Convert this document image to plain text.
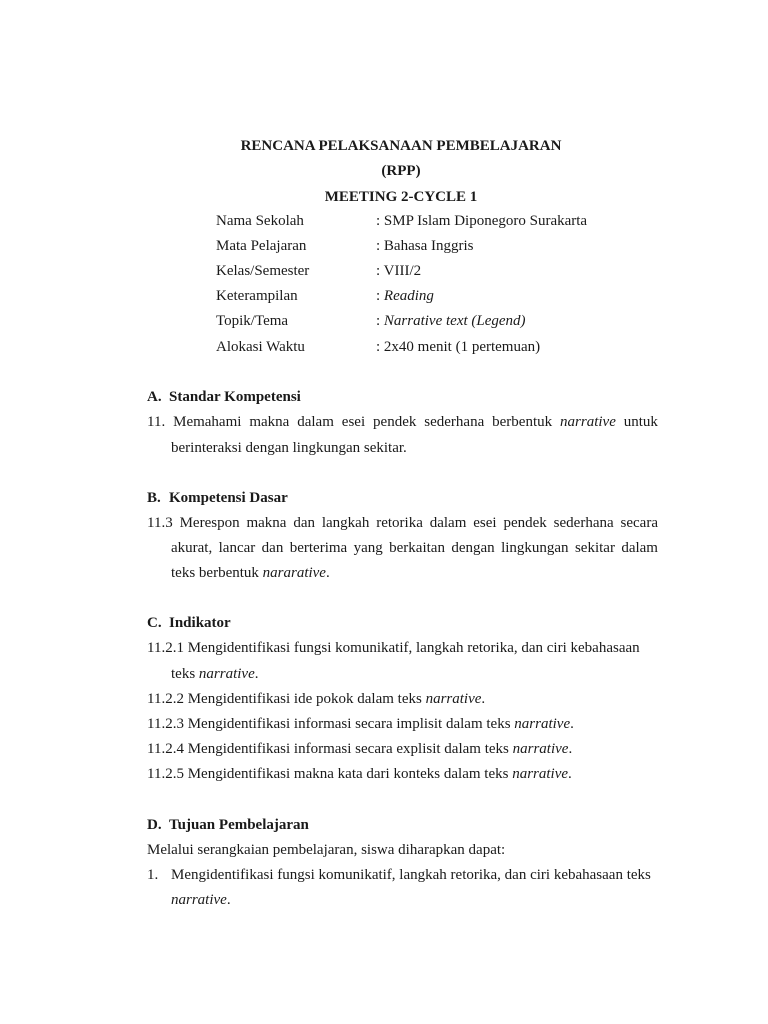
RENCANA PELAKSANAAN PEMBELAJARAN
(RPP)
MEETING 2-CYCLE 1
Nama Sekolah	: SMP Islam Diponegoro Surakarta
Mata Pelajaran	: Bahasa Inggris
Kelas/Semester	: VIII/2
Keterampilan	: Reading
Topik/Tema	: Narrative text (Legend)
Alokasi Waktu	: 2x40 menit (1 pertemuan)
A. Standar Kompetensi
11. Memahami makna dalam esei pendek sederhana berbentuk narrative untuk
berinteraksi dengan lingkungan sekitar.
B. Kompetensi Dasar
11.3 Merespon makna dan langkah retorika dalam esei pendek sederhana secara
akurat, lancar dan berterima yang berkaitan dengan lingkungan sekitar dalam
teks berbentuk nararative.
C. Indikator
11.2.1 Mengidentifikasi fungsi komunikatif, langkah retorika, dan ciri kebahasaan
teks narrative.
11.2.2 Mengidentifikasi ide pokok dalam teks narrative.
11.2.3 Mengidentifikasi informasi secara implisit dalam teks narrative.
11.2.4 Mengidentifikasi informasi secara explisit dalam teks narrative.
11.2.5 Mengidentifikasi makna kata dari konteks dalam teks narrative.
D. Tujuan Pembelajaran
Melalui serangkaian pembelajaran, siswa diharapkan dapat:
1. Mengidentifikasi fungsi komunikatif, langkah retorika, dan ciri kebahasaan teks
narrative.
